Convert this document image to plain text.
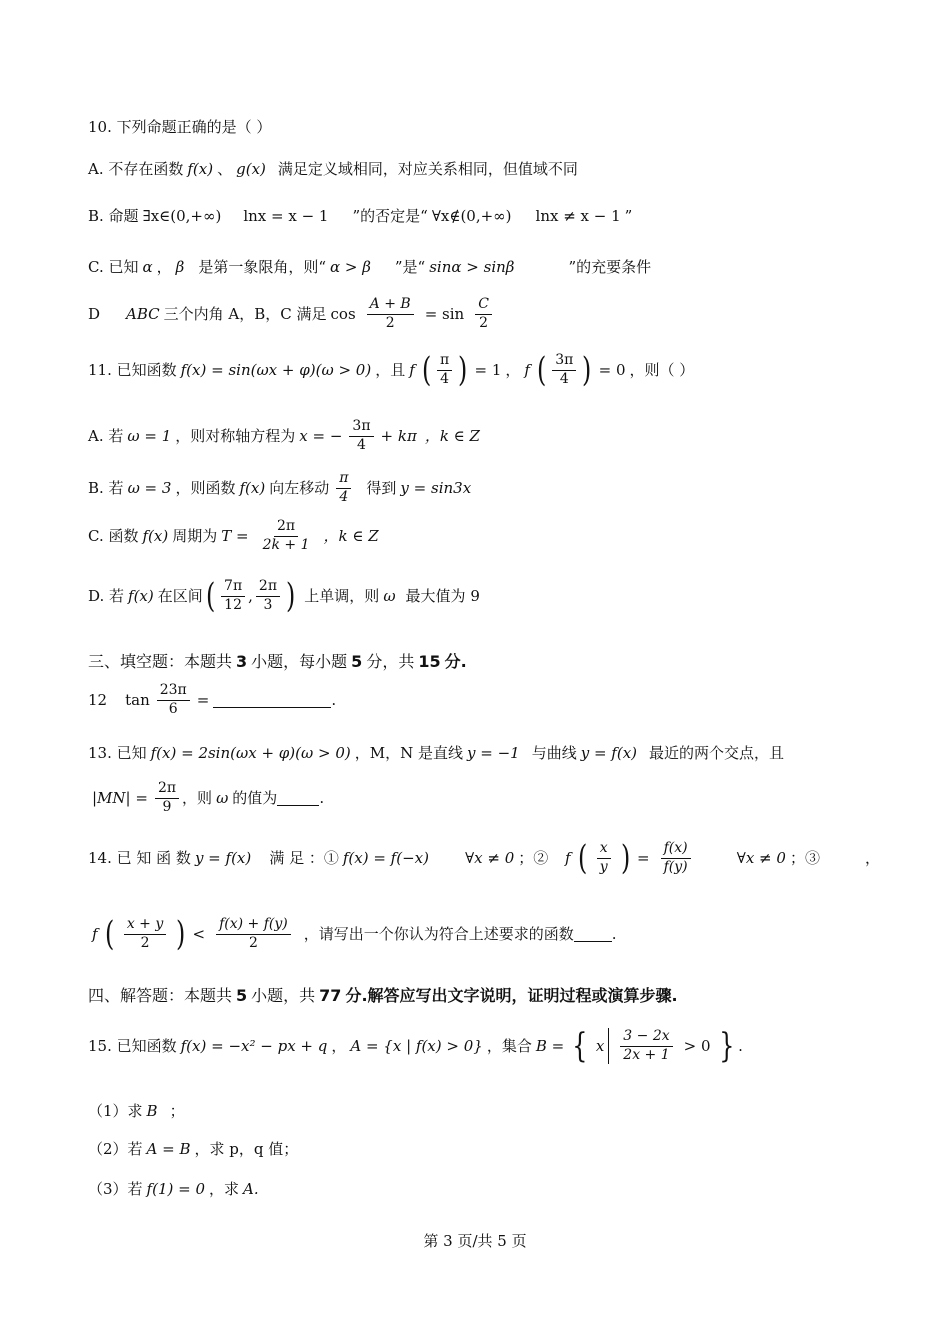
10. 下列命题正确的是（ ）
A. 不存在函数 f(x) 、 g(x) 满足定义域相同，对应关系相同，但值域不同
B. 命题 ∃x∈(0,+∞) lnx = x − 1 ”的否定是“ ∀x∉(0,+∞) lnx ≠ x − 1 ”
C. 已知 α ， β 是第一象限角，则“ α > β ”是“ sinα > sinβ	”的充要条件
D ABC 三个内角 A，B，C 满足 $\cos \frac{A + B}{2} = \sin \frac{C}{2}$
11. 已知函数 f(x) = sin(ωx + φ)(ω > 0) ，且 f ( $\frac{\pi}{4}$ ) = 1 ， f ( $\frac{3\pi}{4}$ ) = 0 ，则（ ）
A. 若 ω = 1 ，则对称轴方程为 x = − $\frac{3\pi}{4} + k\pi$ ，k ∈ Z
B. 若 ω = 3 ，则函数 f(x) 向左移动 $\frac{\pi}{4}$ 得到 y = sin3x
C. 函数 f(x) 周期为 $T = \frac{2\pi}{2k + 1}$ ，k ∈ Z
D. 若 f(x) 在区间 ( $\frac{7\pi}{12}$ , $\frac{2\pi}{3}$ ) 上单调，则 ω 最大值为 9
三、填空题：本题共 3 小题，每小题 5 分，共 15 分.
12 $\tan \frac{23\pi}{6}$ =	.
13. 已知 f(x) = 2sin(ωx + φ)(ω > 0) ，M，N 是直线 y = −1 与曲线 y = f(x) 最近的两个交点，且
$|MN| = \frac{2\pi}{9}$ ，则 ω 的值为	.
14. 已 知 函 数 y = f(x) 满 足 ：① f(x) = f(−x) ∀x ≠ 0 ；② f ( $\frac{x}{y}$ ) = $\frac{f(x)}{f(y)}$	∀x ≠ 0 ；③	，
f ( $\frac{x + y}{2}$ ) < $\frac{f(x) + f(y)}{2}$ ，请写出一个你认为符合上述要求的函数	.
四、解答题：本题共 5 小题，共 77 分.解答应写出文字说明，证明过程或演算步骤.
15. 已知函数 f(x) = −x² − px + q ， A = {x | f(x) > 0} ，集合 B = { x $\frac{3 - 2x}{2x + 1} > 0$ } .
（1）求 B ；
（2）若 A = B ，求 p，q 值；
（3）若 f(1) = 0 ，求 A.
第 3 页/共 5 页
